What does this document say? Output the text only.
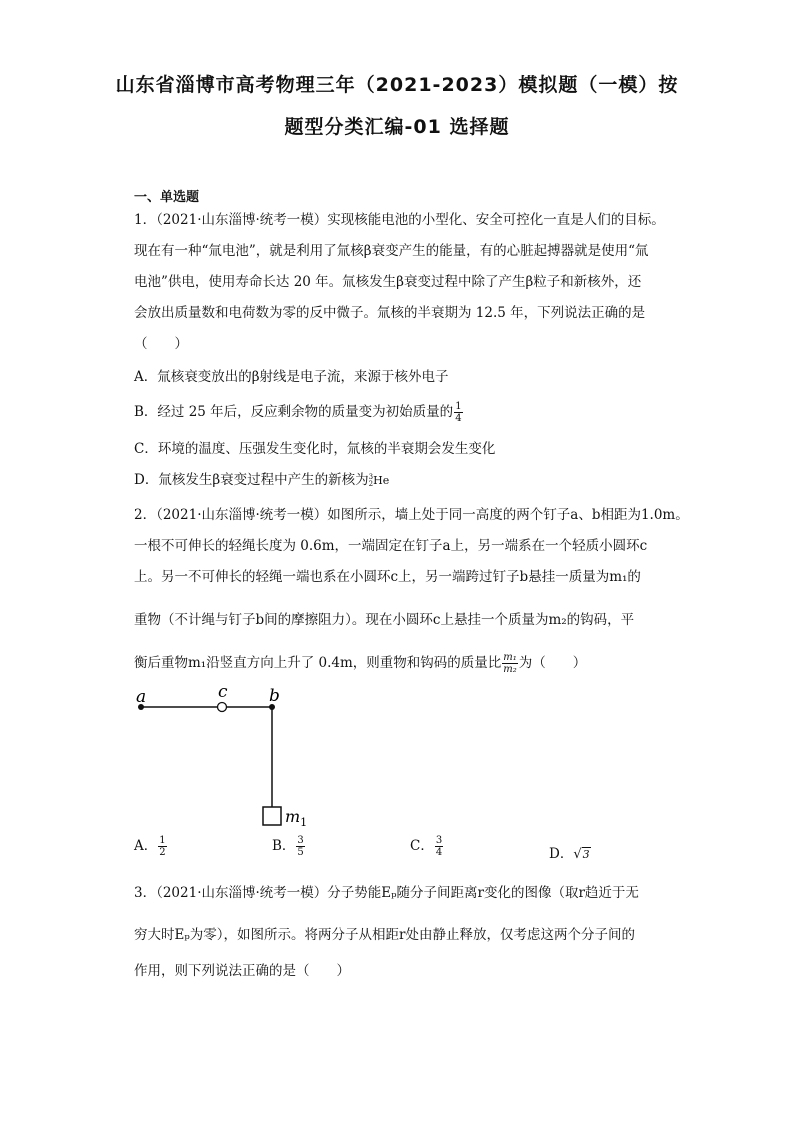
山东省淄博市高考物理三年（2021-2023）模拟题（一模）按
题型分类汇编-01 选择题
一、单选题
1．（2021·山东淄博·统考一模）实现核能电池的小型化、安全可控化一直是人们的目标。
现在有一种“氚电池”，就是利用了氚核β衰变产生的能量，有的心脏起搏器就是使用“氚
电池”供电，使用寿命长达 20 年。氚核发生β衰变过程中除了产生β粒子和新核外，还
会放出质量数和电荷数为零的反中微子。氚核的半衰期为 12.5 年，下列说法正确的是
（　　）
A．氚核衰变放出的β射线是电子流，来源于核外电子
B．经过 25 年后，反应剩余物的质量变为初始质量的 $\frac{1}{4}$
C．环境的温度、压强发生变化时，氚核的半衰期会发生变化
D．氚核发生β衰变过程中产生的新核为 3
2 He
2．（2021·山东淄博·统考一模）如图所示，墙上处于同一高度的两个钉子a、b相距为1.0m。
一根不可伸长的轻绳长度为 0.6m，一端固定在钉子a上，另一端系在一个轻质小圆环c
上。另一不可伸长的轻绳一端也系在小圆环c上，另一端跨过钉子b悬挂一质量为m₁的
重物（不计绳与钉子b间的摩擦阻力）。现在小圆环c上悬挂一个质量为m₂的钩码，平
衡后重物m₁沿竖直方向上升了 0.4m，则重物和钩码的质量比 $\frac{\text{m₁}}{\text{m₂}}$ 为（　　）
a	c b
$m_1$
A． $\frac{1}{2}$	B． $\frac{3}{5}$	C． $\frac{3}{4}$	D．√3
3．（2021·山东淄博·统考一模）分子势能Eₚ随分子间距离r变化的图像（取r趋近于无
穷大时Eₚ为零），如图所示。将两分子从相距r处由静止释放，仅考虑这两个分子间的
作用，则下列说法正确的是（　　）
